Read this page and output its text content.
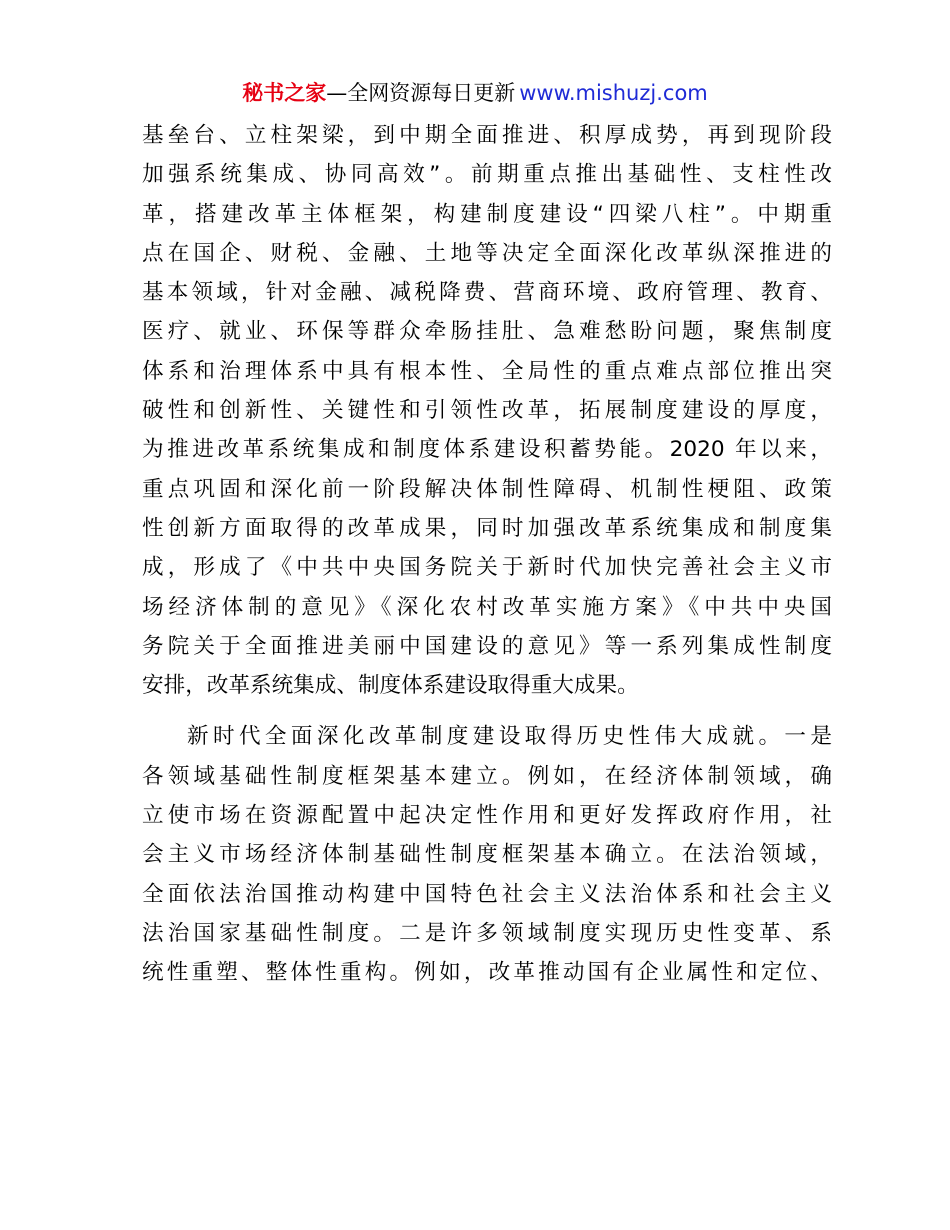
秘书之家—全网资源每日更新 www.mishuzj.com
基垒台、立柱架梁，到中期全面推进、积厚成势，再到现阶段
加强系统集成、协同高效”。前期重点推出基础性、支柱性改
革，搭建改革主体框架，构建制度建设“四梁八柱”。中期重
点在国企、财税、金融、土地等决定全面深化改革纵深推进的
基本领域，针对金融、减税降费、营商环境、政府管理、教育、
医疗、就业、环保等群众牵肠挂肚、急难愁盼问题，聚焦制度
体系和治理体系中具有根本性、全局性的重点难点部位推出突
破性和创新性、关键性和引领性改革，拓展制度建设的厚度，
为推进改革系统集成和制度体系建设积蓄势能。2020 年以来，
重点巩固和深化前一阶段解决体制性障碍、机制性梗阻、政策
性创新方面取得的改革成果，同时加强改革系统集成和制度集
成，形成了《中共中央国务院关于新时代加快完善社会主义市
场经济体制的意见》《深化农村改革实施方案》《中共中央国
务院关于全面推进美丽中国建设的意见》等一系列集成性制度
安排，改革系统集成、制度体系建设取得重大成果。
新时代全面深化改革制度建设取得历史性伟大成就。一是
各领域基础性制度框架基本建立。例如，在经济体制领域，确
立使市场在资源配置中起决定性作用和更好发挥政府作用，社
会主义市场经济体制基础性制度框架基本确立。在法治领域，
全面依法治国推动构建中国特色社会主义法治体系和社会主义
法治国家基础性制度。二是许多领域制度实现历史性变革、系
统性重塑、整体性重构。例如，改革推动国有企业属性和定位、
